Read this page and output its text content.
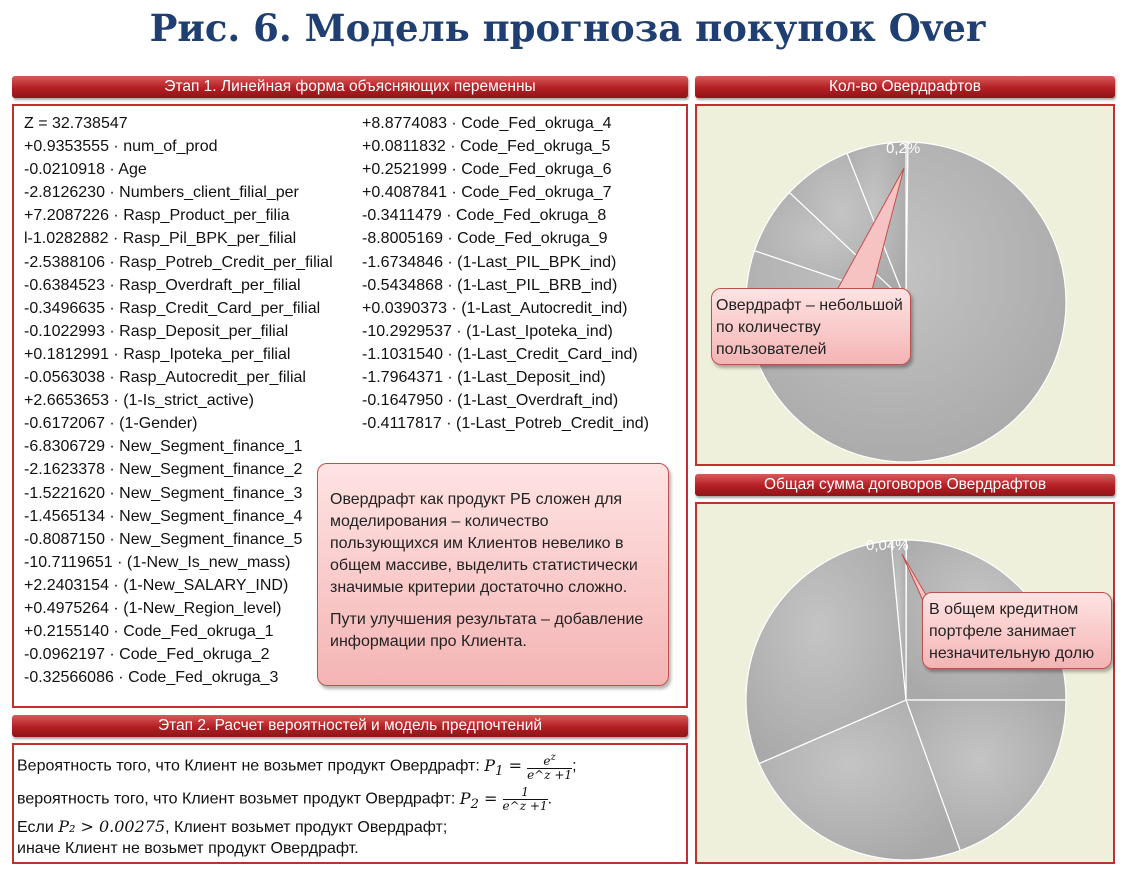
Рис. 6. Модель прогноза покупок Over
Этап 1. Линейная форма объясняющих переменны
Z = 32.738547
+0.9353555 · num_of_prod
-0.0210918 · Age
-2.8126230 · Numbers_client_filial_per
+7.2087226 · Rasp_Product_per_filia
l-1.0282882 · Rasp_Pil_BPK_per_filial
-2.5388106 · Rasp_Potreb_Credit_per_filial
-0.6384523 · Rasp_Overdraft_per_filial
-0.3496635 · Rasp_Credit_Card_per_filial
-0.1022993 · Rasp_Deposit_per_filial
+0.1812991 · Rasp_Ipoteka_per_filial
-0.0563038 · Rasp_Autocredit_per_filial
+2.6653653 · (1-Is_strict_active)
-0.6172067 · (1-Gender)
-6.8306729 · New_Segment_finance_1
-2.1623378 · New_Segment_finance_2
-1.5221620 · New_Segment_finance_3
-1.4565134 · New_Segment_finance_4
-0.8087150 · New_Segment_finance_5
-10.7119651 · (1-New_Is_new_mass)
+2.2403154 · (1-New_SALARY_IND)
+0.4975264 · (1-New_Region_level)
+0.2155140 · Code_Fed_okruga_1
-0.0962197 · Code_Fed_okruga_2
-0.32566086 · Code_Fed_okruga_3
+8.8774083 · Code_Fed_okruga_4
+0.0811832 · Code_Fed_okruga_5
+0.2521999 · Code_Fed_okruga_6
+0.4087841 · Code_Fed_okruga_7
-0.3411479 · Code_Fed_okruga_8
-8.8005169 · Code_Fed_okruga_9
-1.6734846 · (1-Last_PIL_BPK_ind)
-0.5434868 · (1-Last_PIL_BRB_ind)
+0.0390373 · (1-Last_Autocredit_ind)
-10.2929537 · (1-Last_Ipoteka_ind)
-1.1031540 · (1-Last_Credit_Card_ind)
-1.7964371 · (1-Last_Deposit_ind)
-0.1647950 · (1-Last_Overdraft_ind)
-0.4117817 · (1-Last_Potreb_Credit_ind)
Овердрафт как продукт РБ сложен для моделирования – количество пользующихся им Клиентов невелико в общем массиве, выделить статистически значимые критерии достаточно сложно.
Пути улучшения результата – добавление информации про Клиента.
Этап 2. Расчет вероятностей и модель предпочтений
Вероятность того, что Клиент не возьмет продукт Овердрафт: $P_1 = \frac{e^z}{e\^{}z +1}$;
вероятность того, что Клиент возьмет продукт Овердрафт: $P_2 = \frac{1}{e\^{}z +1}$.
Если P₂ > 0.00275, Клиент возьмет продукт Овердрафт;
иначе Клиент не возьмет продукт Овердрафт.
Кол-во Овердрафтов
0,2%
Овердрафт – небольшой по количеству пользователей
Общая сумма договоров Овердрафтов
0,04%
В общем кредитном портфеле занимает незначительную долю
